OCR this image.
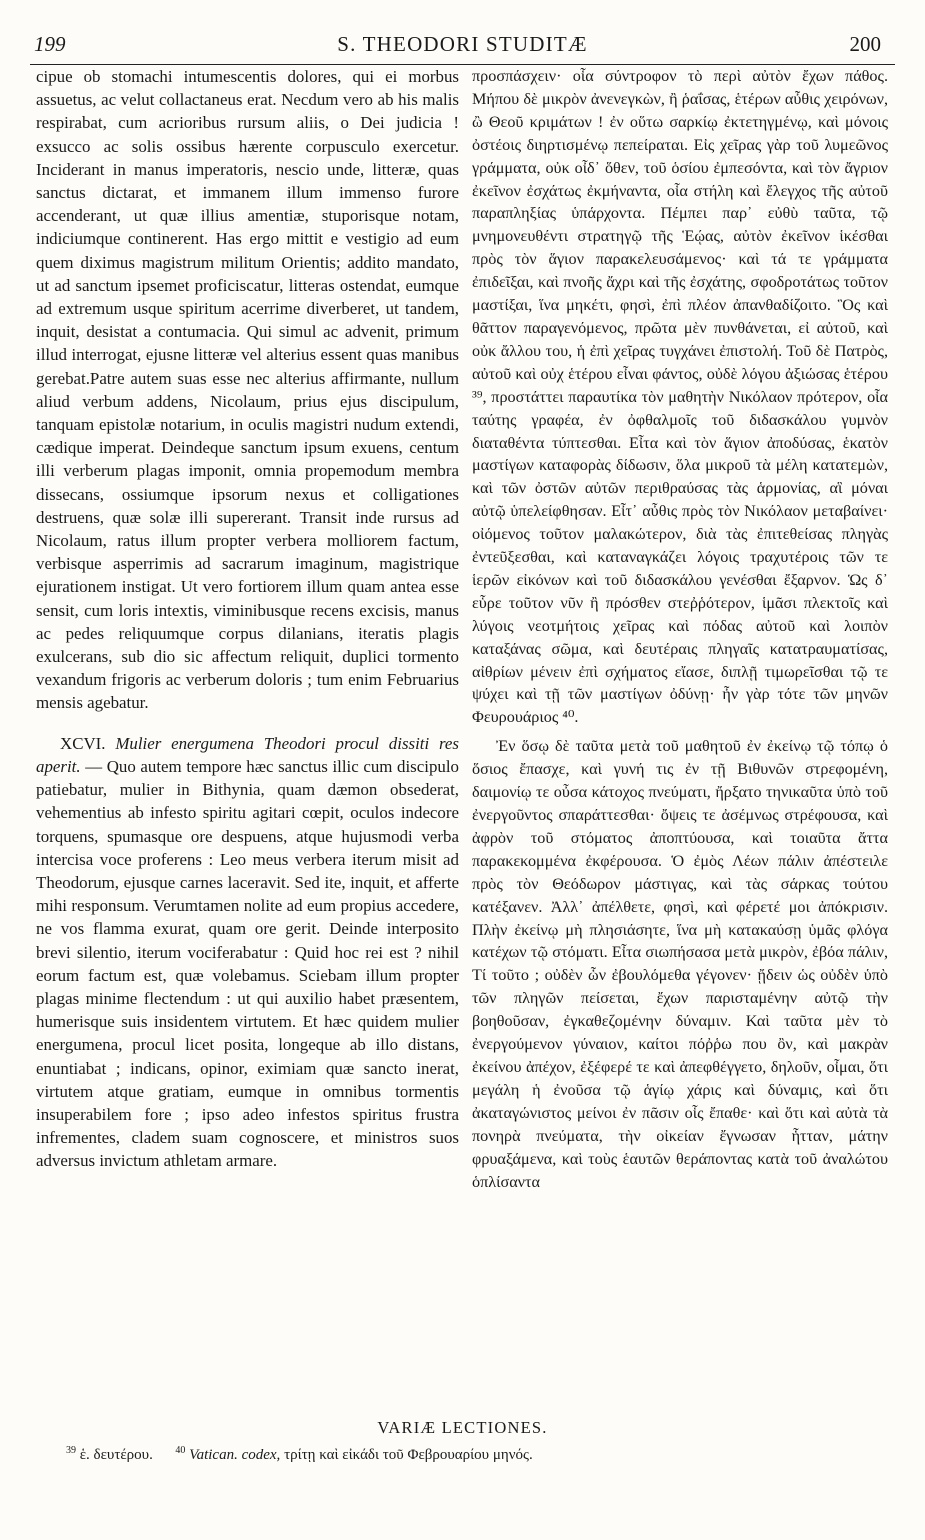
199	S. THEODORI STUDITÆ	200

cipue ob stomachi intumescentis dolores, qui ei morbus assuetus, ac velut collactaneus erat. Necdum vero ab his malis respirabat, cum acrioribus rursum aliis, o Dei judicia ! exsucco ac solis ossibus hærente corpusculo exercetur. Inciderant in manus imperatoris, nescio unde, litteræ, quas sanctus dictarat, et immanem illum immenso furore accenderant, ut quæ illius amentiæ, stuporisque notam, indiciumque continerent. Has ergo mittit e vestigio ad eum quem diximus magistrum militum Orientis; addito mandato, ut ad sanctum ipsemet proficiscatur, litteras ostendat, eumque ad extremum usque spiritum acerrime diverberet, ut tandem, inquit, desistat a contumacia. Qui simul ac advenit, primum illud interrogat, ejusne litteræ vel alterius essent quas manibus gerebat.Patre autem suas esse nec alterius affirmante, nullum aliud verbum addens, Nicolaum, prius ejus discipulum, tanquam epistolæ notarium, in oculis magistri nudum extendi, cædique imperat. Deindeque sanctum ipsum exuens, centum illi verberum plagas imponit, omnia propemodum membra dissecans, ossiumque ipsorum nexus et colligationes destruens, quæ solæ illi supererant. Transit inde rursus ad Nicolaum, ratus illum propter verbera molliorem factum, verbisque asperrimis ad sacrarum imaginum, magistrique ejurationem instigat. Ut vero fortiorem illum quam antea esse sensit, cum loris intextis, viminibusque recens excisis, manus ac pedes reliquumque corpus dilanians, iteratis plagis exulcerans, sub dio sic affectum reliquit, duplici tormento vexandum frigoris ac verberum doloris ; tum enim Februarius mensis agebatur.

XCVI. Mulier energumena Theodori procul dissiti res aperit. — Quo autem tempore hæc sanctus illic cum discipulo patiebatur, mulier in Bithynia, quam dæmon obsederat, vehementius ab infesto spiritu agitari cœpit, oculos indecore torquens, spumasque ore despuens, atque hujusmodi verba intercisa voce proferens : Leo meus verbera iterum misit ad Theodorum, ejusque carnes laceravit. Sed ite, inquit, et afferte mihi responsum. Verumtamen nolite ad eum propius accedere, ne vos flamma exurat, quam ore gerit. Deinde interposito brevi silentio, iterum vociferabatur : Quid hoc rei est ? nihil eorum factum est, quæ volebamus. Sciebam illum propter plagas minime flectendum : ut qui auxilio habet præsentem, humerisque suis insidentem virtutem. Et hæc quidem mulier energumena, procul licet posita, longeque ab illo distans, enuntiabat ; indicans, opinor, eximiam quæ sancto inerat, virtutem atque gratiam, eumque in omnibus tormentis insuperabilem fore ; ipso adeo infestos spiritus frustra infrementes, cladem suam cognoscere, et ministros suos adversus invictum athletam armare.

προσπάσχειν· οἷα σύντροφον τὸ περὶ αὐτὸν ἔχων πάθος. Μήπου δὲ μικρὸν ἀνενεγκὼν, ἢ ῥαΐσας, ἑτέρων αὖθις χειρόνων, ὢ Θεοῦ κριμάτων ! ἐν οὕτω σαρκίῳ ἐκτετηγμένῳ, καὶ μόνοις ὀστέοις διηρτισμένῳ πεπείραται. Εἰς χεῖρας γὰρ τοῦ λυμεῶνος γράμματα, οὐκ οἶδ᾽ ὅθεν, τοῦ ὁσίου ἐμπεσόντα, καὶ τὸν ἄγριον ἐκεῖνον ἐσχάτως ἐκμήναντα, οἷα στήλη καὶ ἔλεγχος τῆς αὐτοῦ παραπληξίας ὑπάρχοντα. Πέμπει παρ᾽ εὐθὺ ταῦτα, τῷ μνημονευθέντι στρατηγῷ τῆς Ἑῴας, αὐτὸν ἐκεῖνον ἱκέσθαι πρὸς τὸν ἅγιον παρακελευσάμενος· καὶ τά τε γράμματα ἐπιδεῖξαι, καὶ πνοῆς ἄχρι καὶ τῆς ἐσχάτης, σφοδροτάτως τοῦτον μαστίξαι, ἵνα μηκέτι, φησὶ, ἐπὶ πλέον ἀπανθαδίζοιτο. Ὃς καὶ θᾶττον παραγενόμενος, πρῶτα μὲν πυνθάνεται, εἰ αὐτοῦ, καὶ οὐκ ἄλλου του, ἡ ἐπὶ χεῖρας τυγχάνει ἐπιστολή. Τοῦ δὲ Πατρὸς, αὐτοῦ καὶ οὐχ ἑτέρου εἶναι φάντος, οὐδὲ λόγου ἀξιώσας ἑτέρου ³⁹, προστάττει παραυτίκα τὸν μαθητὴν Νικόλαον πρότερον, οἷα ταύτης γραφέα, ἐν ὀφθαλμοῖς τοῦ διδασκάλου γυμνὸν διαταθέντα τύπτεσθαι. Εἶτα καὶ τὸν ἅγιον ἀποδύσας, ἑκατὸν μαστίγων καταφορὰς δίδωσιν, ὅλα μικροῦ τὰ μέλη κατατεμὼν, καὶ τῶν ὀστῶν αὐτῶν περιθραύσας τὰς ἁρμονίας, αἳ μόναι αὐτῷ ὑπελείφθησαν. Εἶτ᾽ αὖθις πρὸς τὸν Νικόλαον μεταβαίνει· οἰόμενος τοῦτον μαλακώτερον, διὰ τὰς ἐπιτεθείσας πληγὰς ἐντεῦξεσθαι, καὶ καταναγκάζει λόγοις τραχυτέροις τῶν τε ἱερῶν εἰκόνων καὶ τοῦ διδασκάλου γενέσθαι ἔξαρνον. Ὡς δ᾽ εὗρε τοῦτον νῦν ἢ πρόσθεν στεῤῥότερον, ἱμᾶσι πλεκτοῖς καὶ λύγοις νεοτμήτοις χεῖρας καὶ πόδας αὐτοῦ καὶ λοιπὸν καταξάνας σῶμα, καὶ δευτέραις πληγαῖς κατατραυματίσας, αἰθρίων μένειν ἐπὶ σχήματος εἴασε, διπλῇ τιμωρεῖσθαι τῷ τε ψύχει καὶ τῇ τῶν μαστίγων ὀδύνῃ· ἦν γὰρ τότε τῶν μηνῶν Φευρουάριος ⁴⁰.

Ἐν ὅσῳ δὲ ταῦτα μετὰ τοῦ μαθητοῦ ἐν ἐκείνῳ τῷ τόπῳ ὁ ὅσιος ἔπασχε, καὶ γυνή τις ἐν τῇ Βιθυνῶν στρεφομένη, δαιμονίῳ τε οὖσα κάτοχος πνεύματι, ἤρξατο τηνικαῦτα ὑπὸ τοῦ ἐνεργοῦντος σπαράττεσθαι· ὄψεις τε ἀσέμνως στρέφουσα, καὶ ἀφρὸν τοῦ στόματος ἀποπτύουσα, καὶ τοιαῦτα ἄττα παρακεκομμένα ἐκφέρουσα. Ὁ ἐμὸς Λέων πάλιν ἀπέστειλε πρὸς τὸν Θεόδωρον μάστιγας, καὶ τὰς σάρκας τούτου κατέξανεν. Ἀλλ᾽ ἀπέλθετε, φησὶ, καὶ φέρετέ μοι ἀπόκρισιν. Πλὴν ἐκείνῳ μὴ πλησιάσητε, ἵνα μὴ κατακαύσῃ ὑμᾶς φλόγα κατέχων τῷ στόματι. Εἶτα σιωπήσασα μετὰ μικρὸν, ἐβόα πάλιν, Τί τοῦτο ; οὐδὲν ὧν ἐβουλόμεθα γέγονεν· ᾔδειν ὡς οὐδὲν ὑπὸ τῶν πληγῶν πείσεται, ἔχων παρισταμένην αὐτῷ τὴν βοηθοῦσαν, ἐγκαθεζομένην δύναμιν. Καὶ ταῦτα μὲν τὸ ἐνεργούμενον γύναιον, καίτοι πόῤῥω που ὂν, καὶ μακρὰν ἐκείνου ἀπέχον, ἐξέφερέ τε καὶ ἀπεφθέγγετο, δηλοῦν, οἶμαι, ὅτι μεγάλη ἡ ἐνοῦσα τῷ ἁγίῳ χάρις καὶ δύναμις, καὶ ὅτι ἀκαταγώνιστος μείνοι ἐν πᾶσιν οἷς ἔπαθε· καὶ ὅτι καὶ αὐτὰ τὰ πονηρὰ πνεύματα, τὴν οἰκείαν ἔγνωσαν ἧτταν, μάτην φρυαξάμενα, καὶ τοὺς ἑαυτῶν θεράποντας κατὰ τοῦ ἀναλώτου ὁπλίσαντα

VARIÆ LECTIONES.
$^{39}$ ἑ. δευτέρου. $^{40}$ Vatican. codex, τρίτῃ καὶ εἰκάδι τοῦ Φεβρουαρίου μηνός.
